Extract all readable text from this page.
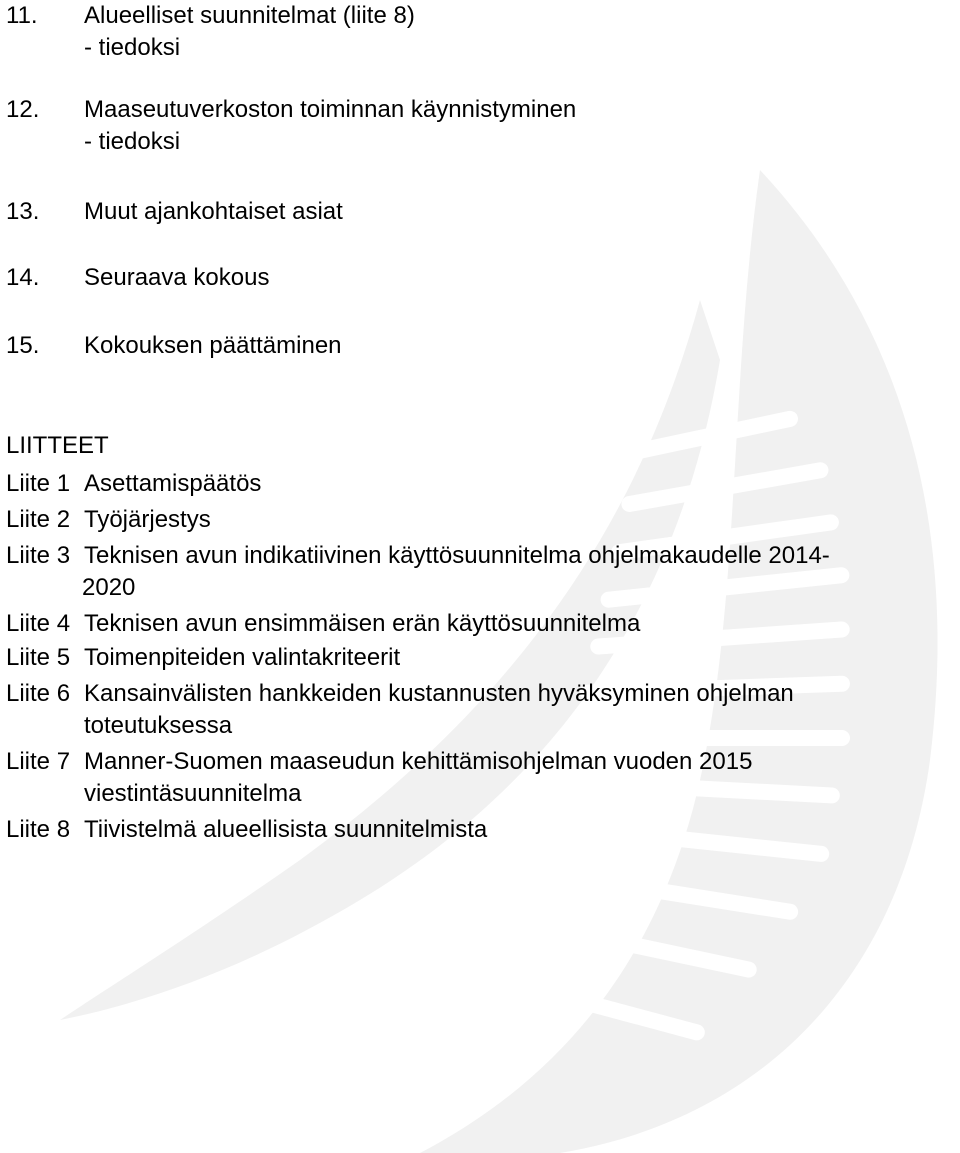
11.	Alueelliset suunnitelmat (liite 8)
- tiedoksi
12.	Maaseutuverkoston toiminnan käynnistyminen
- tiedoksi
13.	Muut ajankohtaiset asiat
14.	Seuraava kokous
15.	Kokouksen päättäminen
LIITTEET
Liite 1 Asettamispäätös
Liite 2 Työjärjestys
Liite 3 Teknisen avun indikatiivinen käyttösuunnitelma ohjelmakaudelle 2014-
2020
Liite 4 Teknisen avun ensimmäisen erän käyttösuunnitelma
Liite 5 Toimenpiteiden valintakriteerit
Liite 6 Kansainvälisten hankkeiden kustannusten hyväksyminen ohjelman
toteutuksessa
Liite 7 Manner-Suomen maaseudun kehittämisohjelman vuoden 2015
viestintäsuunnitelma
Liite 8 Tiivistelmä alueellisista suunnitelmista
